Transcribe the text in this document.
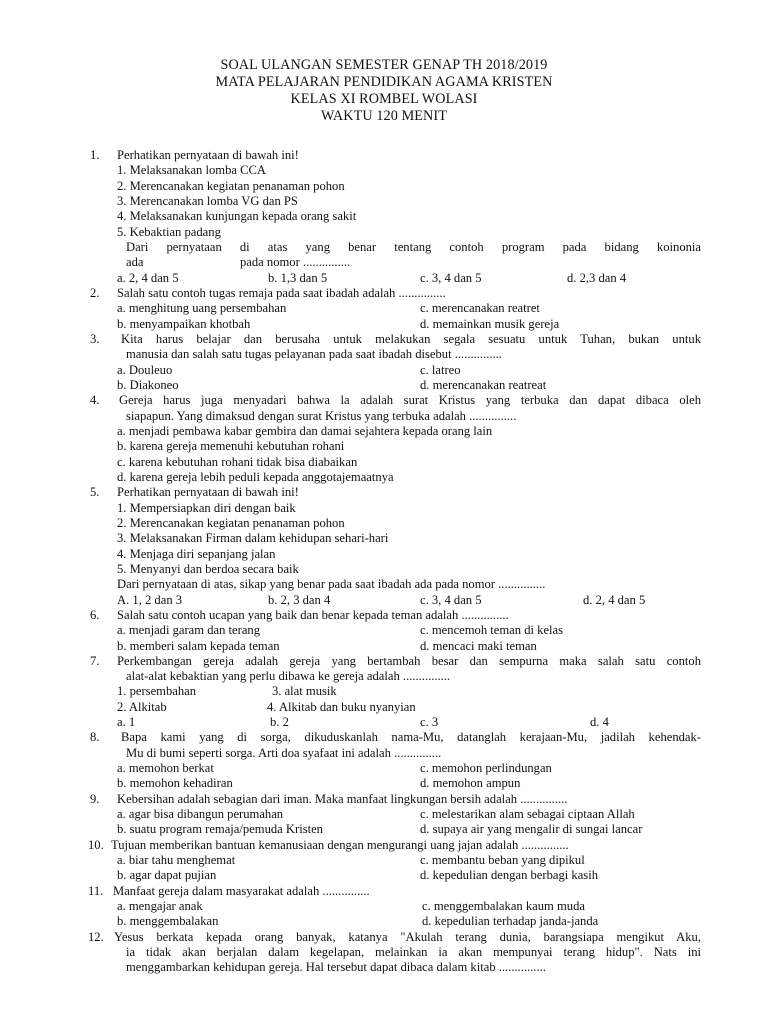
SOAL ULANGAN SEMESTER GENAP TH 2018/2019
MATA PELAJARAN PENDIDIKAN AGAMA KRISTEN
KELAS XI ROMBEL WOLASI
WAKTU 120 MENIT
1. Perhatikan pernyataan di bawah ini!
1. Melaksanakan lomba CCA
2. Merencanakan kegiatan penanaman pohon
3. Merencanakan lomba VG dan PS
4. Melaksanakan kunjungan kepada orang sakit
5. Kebaktian padang
Dari pernyataan di atas yang benar tentang contoh program pada bidang koinonia
ada	pada nomor ...............
a. 2, 4 dan 5	b. 1,3 dan 5	c. 3, 4 dan 5	d. 2,3 dan 4
2. Salah satu contoh tugas remaja pada saat ibadah adalah ...............
a. menghitung uang persembahan	c. merencanakan reatret
b. menyampaikan khotbah	d. memainkan musik gereja
3. Kita harus belajar dan berusaha untuk melakukan segala sesuatu untuk Tuhan, bukan untuk
manusia dan salah satu tugas pelayanan pada saat ibadah disebut ...............
a. Douleuo	c. latreo
b. Diakoneo	d. merencanakan reatreat
4. Gereja harus juga menyadari bahwa la adalah surat Kristus yang terbuka dan dapat dibaca oleh
siapapun. Yang dimaksud dengan surat Kristus yang terbuka adalah ...............
a. menjadi pembawa kabar gembira dan damai sejahtera kepada orang lain
b. karena gereja memenuhi kebutuhan rohani
c. karena kebutuhan rohani tidak bisa diabaikan
d. karena gereja lebih peduli kepada anggotajemaatnya
5. Perhatikan pernyataan di bawah ini!
1. Mempersiapkan diri dengan baik
2. Merencanakan kegiatan penanaman pohon
3. Melaksanakan Firman dalam kehidupan sehari-hari
4. Menjaga diri sepanjang jalan
5. Menyanyi dan berdoa secara baik
Dari pernyataan di atas, sikap yang benar pada saat ibadah ada pada nomor ...............
A. 1, 2 dan 3	b. 2, 3 dan 4	c. 3, 4 dan 5	d. 2, 4 dan 5
6. Salah satu contoh ucapan yang baik dan benar kepada teman adalah ...............
a. menjadi garam dan terang	c. mencemoh teman di kelas
b. memberi salam kepada teman	d. mencaci maki teman
7. Perkembangan gereja adalah gereja yang bertambah besar dan sempurna maka salah satu contoh
alat-alat kebaktian yang perlu dibawa ke gereja adalah ...............
1. persembahan	3. alat musik
2. Alkitab	4. Alkitab dan buku nyanyian
a. 1	b. 2	c. 3	d. 4
8. Bapa kami yang di sorga, dikuduskanlah nama-Mu, datanglah kerajaan-Mu, jadilah kehendak-
Mu di bumi seperti sorga. Arti doa syafaat ini adalah ...............
a. memohon berkat	c. memohon perlindungan
b. memohon kehadiran	d. memohon ampun
9. Kebersihan adalah sebagian dari iman. Maka manfaat lingkungan bersih adalah ...............
a. agar bisa dibangun perumahan	c. melestarikan alam sebagai ciptaan Allah
b. suatu program remaja/pemuda Kristen	d. supaya air yang mengalir di sungai lancar
10. Tujuan memberikan bantuan kemanusiaan dengan mengurangi uang jajan adalah ...............
a. biar tahu menghemat	c. membantu beban yang dipikul
b. agar dapat pujian	d. kepedulian dengan berbagi kasih
11. Manfaat gereja dalam masyarakat adalah ...............
a. mengajar anak	c. menggembalakan kaum muda
b. menggembalakan	d. kepedulian terhadap janda-janda
12. Yesus berkata kepada orang banyak, katanya "Akulah terang dunia, barangsiapa mengikut Aku,
ia tidak akan berjalan dalam kegelapan, melainkan ia akan mempunyai terang hidup". Nats ini
menggambarkan kehidupan gereja. Hal tersebut dapat dibaca dalam kitab ...............
